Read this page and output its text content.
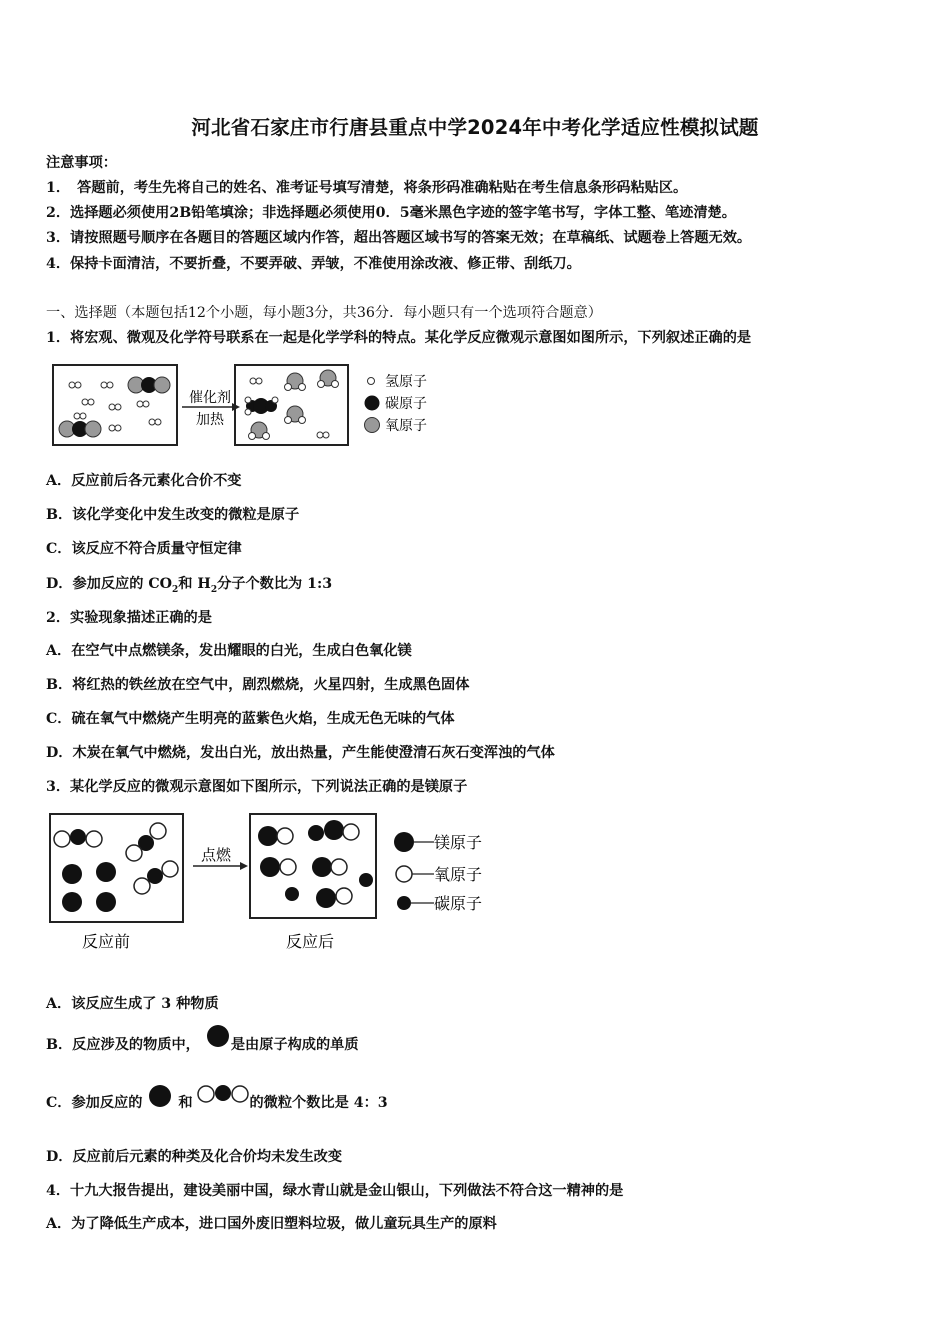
河北省石家庄市行唐县重点中学2024年中考化学适应性模拟试题
注意事项：
1．　答题前，考生先将自己的姓名、准考证号填写清楚，将条形码准确粘贴在考生信息条形码粘贴区。
2．选择题必须使用2B铅笔填涂；非选择题必须使用0．5毫米黑色字迹的签字笔书写，字体工整、笔迹清楚。
3．请按照题号顺序在各题目的答题区域内作答，超出答题区域书写的答案无效；在草稿纸、试题卷上答题无效。
4．保持卡面清洁，不要折叠，不要弄破、弄皱，不准使用涂改液、修正带、刮纸刀。
一、选择题（本题包括12个小题，每小题3分，共36分．每小题只有一个选项符合题意）
1．将宏观、微观及化学符号联系在一起是化学学科的特点。某化学反应微观示意图如图所示，下列叙述正确的是
催化剂
加热
氢原子
碳原子
氧原子
A．反应前后各元素化合价不变
B．该化学变化中发生改变的微粒是原子
C．该反应不符合质量守恒定律
D．参加反应的 $CO_2$和 $H_2$分子个数比为 1:3
2．实验现象描述正确的是
A．在空气中点燃镁条，发出耀眼的白光，生成白色氧化镁
B．将红热的铁丝放在空气中，剧烈燃烧，火星四射，生成黑色固体
C．硫在氧气中燃烧产生明亮的蓝紫色火焰，生成无色无味的气体
D．木炭在氧气中燃烧，发出白光，放出热量，产生能使澄清石灰石变浑浊的气体
3．某化学反应的微观示意图如下图所示，下列说法正确的是镁原子
点燃
反应前	反应后
镁原子
氧原子
碳原子
A．该反应生成了 3 种物质
B．反应涉及的物质中， 是由原子构成的单质
C．参加反应的	和	的微粒个数比是 4：3
D．反应前后元素的种类及化合价均未发生改变
4．十九大报告提出，建设美丽中国，绿水青山就是金山银山，下列做法不符合这一精神的是
A．为了降低生产成本，进口国外废旧塑料垃圾，做儿童玩具生产的原料
